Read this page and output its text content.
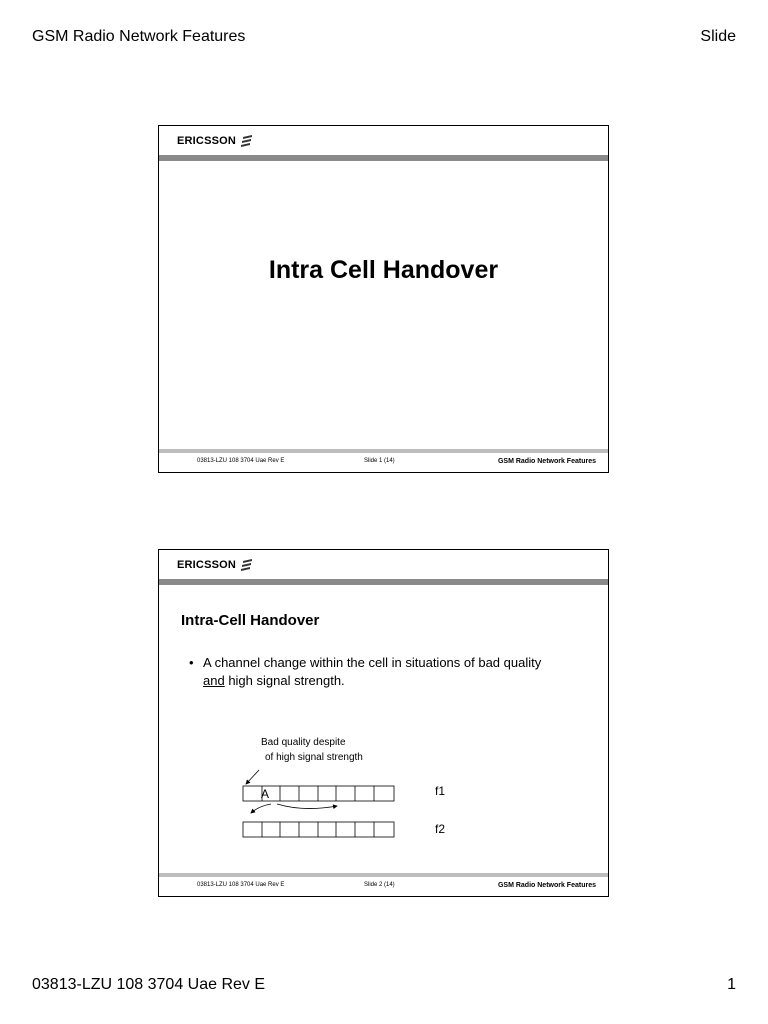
GSM Radio Network Features	Slide
ERICSSON
Intra Cell Handover
03813-LZU 108 3704 Uae Rev E	Slide 1 (14)	GSM Radio Network Features
ERICSSON
Intra-Cell Handover
• A channel change within the cell in situations of bad quality and high signal strength.
Bad quality despite
of high signal strength
A	f1
f2
03813-LZU 108 3704 Uae Rev E	Slide 2 (14)	GSM Radio Network Features
03813-LZU 108 3704 Uae Rev E	1
